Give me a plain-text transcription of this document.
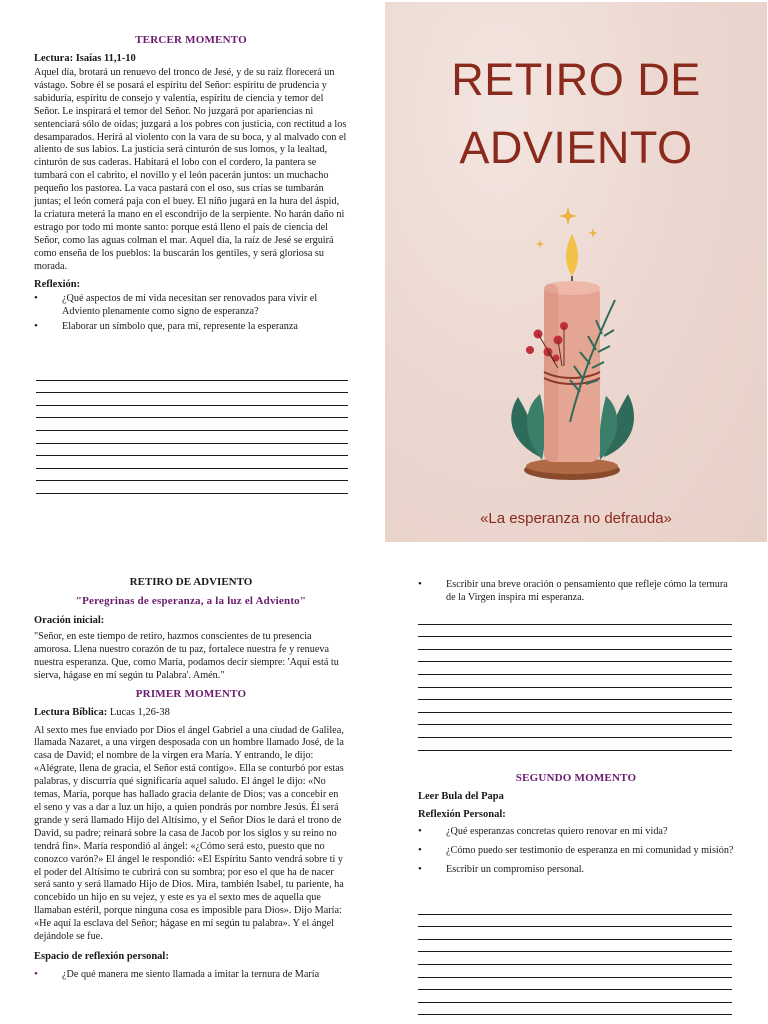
TERCER MOMENTO

Lectura: Isaías 11,1-10

Aquel día, brotará un renuevo del tronco de Jesé, y de su raíz florecerá un vástago. Sobre él se posará el espíritu del Señor: espíritu de prudencia y sabiduría, espíritu de consejo y valentía, espíritu de ciencia y temor del Señor. Le inspirará el temor del Señor. No juzgará por apariencias ni sentenciará sólo de oídas; juzgará a los pobres con justicia, con rectitud a los desamparados. Herirá al violento con la vara de su boca, y al malvado con el aliento de sus labios. La justicia será cinturón de sus lomos, y la lealtad, cinturón de sus caderas. Habitará el lobo con el cordero, la pantera se tumbará con el cabrito, el novillo y el león pacerán juntos: un muchacho pequeño los pastorea. La vaca pastará con el oso, sus crías se tumbarán juntas; el león comerá paja con el buey. El niño jugará en la hura del áspid, la criatura meterá la mano en el escondrijo de la serpiente. No harán daño ni estrago por todo mi monte santo: porque está lleno el país de ciencia del Señor, como las aguas colman el mar. Aquel día, la raíz de Jesé se erguirá como enseña de los pueblos: la buscarán los gentiles, y será gloriosa su morada.

Reflexión:

• ¿Qué aspectos de mi vida necesitan ser renovados para vivir el Adviento plenamente como signo de esperanza?
• Elaborar un símbolo que, para mí, represente la esperanza
RETIRO DE
ADVIENTO
«La esperanza no defrauda»

RETIRO DE ADVIENTO

"Peregrinas de esperanza, a la luz el Adviento"

Oración inicial:

"Señor, en este tiempo de retiro, hazmos conscientes de tu presencia amorosa. Llena nuestro corazón de tu paz, fortalece nuestra fe y renueva nuestra esperanza. Que, como María, podamos decir siempre: 'Aquí está tu sierva, hágase en mí según tu Palabra'. Amén."

PRIMER MOMENTO

Lectura Bíblica: Lucas 1,26-38

Al sexto mes fue enviado por Dios el ángel Gabriel a una ciudad de Galilea, llamada Nazaret, a una virgen desposada con un hombre llamado José, de la casa de David; el nombre de la virgen era María. Y entrando, le dijo: «Alégrate, llena de gracia, el Señor está contigo». Ella se conturbó por estas palabras, y discurría qué significaría aquel saludo. El ángel le dijo: «No temas, María, porque has hallado gracia delante de Dios; vas a concebir en el seno y vas a dar a luz un hijo, a quien pondrás por nombre Jesús. Él será grande y será llamado Hijo del Altísimo, y el Señor Dios le dará el trono de David, su padre; reinará sobre la casa de Jacob por los siglos y su reino no tendrá fin». María respondió al ángel: «¿Cómo será esto, puesto que no conozco varón?» El ángel le respondió: «El Espíritu Santo vendrá sobre ti y el poder del Altísimo te cubrirá con su sombra; por eso el que ha de nacer será santo y será llamado Hijo de Dios. Mira, también Isabel, tu pariente, ha concebido un hijo en su vejez, y este es ya el sexto mes de aquella que llamaban estéril, porque ninguna cosa es imposible para Dios». Dijo María: «He aquí la esclava del Señor; hágase en mí según tu palabra». Y el ángel dejándole se fue.

Espacio de reflexión personal:

• ¿De qué manera me siento llamada a imitar la ternura de María
• Escribir una breve oración o pensamiento que refleje cómo la ternura de la Virgen inspira mi esperanza.

SEGUNDO MOMENTO

Leer Bula del Papa

Reflexión Personal:

• ¿Qué esperanzas concretas quiero renovar en mi vida?
• ¿Cómo puedo ser testimonio de esperanza en mi comunidad y misión?
• Escribir un compromiso personal.
